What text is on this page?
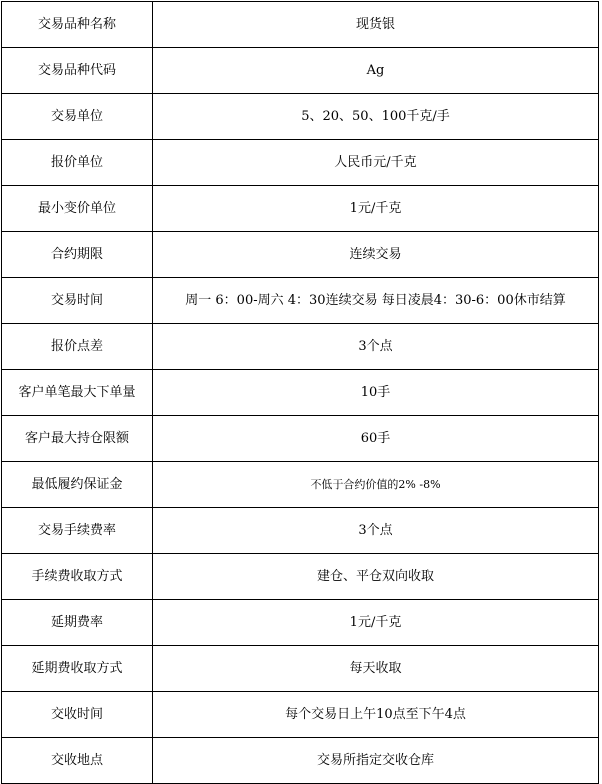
交易品种名称	现货银
交易品种代码	Ag
交易单位	5、20、50、100千克/手
报价单位	人民币元/千克
最小变价单位	1元/千克
合约期限	连续交易
交易时间	周一 6：00-周六 4：30连续交易 每日凌晨4：30-6：00休市结算
报价点差	3个点
客户单笔最大下单量	10手
客户最大持仓限额	60手
最低履约保证金	不低于合约价值的2% -8%
交易手续费率	3个点
手续费收取方式	建仓、平仓双向收取
延期费率	1元/千克
延期费收取方式	每天收取
交收时间	每个交易日上午10点至下午4点
交收地点	交易所指定交收仓库
